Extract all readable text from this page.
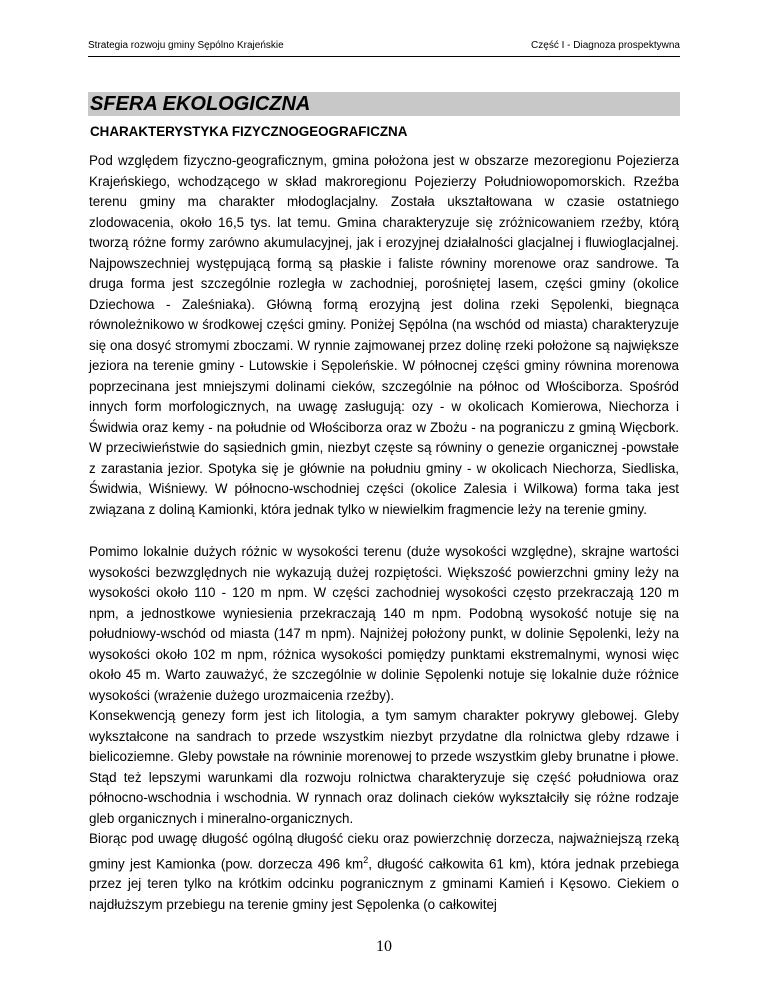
Strategia rozwoju gminy Sępólno Krajeńskie	Część I - Diagnoza prospektywna
SFERA EKOLOGICZNA
CHARAKTERYSTYKA FIZYCZNOGEOGRAFICZNA

Pod względem fizyczno-geograficznym, gmina położona jest w obszarze mezoregionu Pojezierza Krajeńskiego, wchodzącego w skład makroregionu Pojezierzy Południowopomorskich. Rzeźba terenu gminy ma charakter młodoglacjalny. Została ukształtowana w czasie ostatniego zlodowacenia, około 16,5 tys. lat temu. Gmina charakteryzuje się zróżnicowaniem rzeźby, którą tworzą różne formy zarówno akumulacyjnej, jak i erozyjnej działalności glacjalnej i fluwioglacjalnej. Najpowszechniej występującą formą są płaskie i faliste równiny morenowe oraz sandrowe. Ta druga forma jest szczególnie rozległa w zachodniej, porośniętej lasem, części gminy (okolice Dziechowa - Zaleśniaka). Główną formą erozyjną jest dolina rzeki Sępolenki, biegnąca równoleżnikowo w środkowej części gminy. Poniżej Sępólna (na wschód od miasta) charakteryzuje się ona dosyć stromymi zboczami. W rynnie zajmowanej przez dolinę rzeki położone są największe jeziora na terenie gminy - Lutowskie i Sępoleńskie. W północnej części gminy równina morenowa poprzecinana jest mniejszymi dolinami cieków, szczególnie na północ od Włościborza. Spośród innych form morfologicznych, na uwagę zasługują: ozy - w okolicach Komierowa, Niechorza i Świdwia oraz kemy - na południe od Włościborza oraz w Zbożu - na pograniczu z gminą Więcbork. W przeciwieństwie do sąsiednich gmin, niezbyt częste są równiny o genezie organicznej -powstałe z zarastania jezior. Spotyka się je głównie na południu gminy - w okolicach Niechorza, Siedliska, Świdwia, Wiśniewy. W północno-wschodniej części (okolice Zalesia i Wilkowa) forma taka jest związana z doliną Kamionki, która jednak tylko w niewielkim fragmencie leży na terenie gminy.

Pomimo lokalnie dużych różnic w wysokości terenu (duże wysokości względne), skrajne wartości wysokości bezwzględnych nie wykazują dużej rozpiętości. Większość powierzchni gminy leży na wysokości około 110 - 120 m npm. W części zachodniej wysokości często przekraczają 120 m npm, a jednostkowe wyniesienia przekraczają 140 m npm. Podobną wysokość notuje się na południowy-wschód od miasta (147 m npm). Najniżej położony punkt, w dolinie Sępolenki, leży na wysokości około 102 m npm, różnica wysokości pomiędzy punktami ekstremalnymi, wynosi więc około 45 m. Warto zauważyć, że szczególnie w dolinie Sępolenki notuje się lokalnie duże różnice wysokości (wrażenie dużego urozmaicenia rzeźby).

Konsekwencją genezy form jest ich litologia, a tym samym charakter pokrywy glebowej. Gleby wykształcone na sandrach to przede wszystkim niezbyt przydatne dla rolnictwa gleby rdzawe i bielicoziemne. Gleby powstałe na równinie morenowej to przede wszystkim gleby brunatne i płowe. Stąd też lepszymi warunkami dla rozwoju rolnictwa charakteryzuje się część południowa oraz północno-wschodnia i wschodnia. W rynnach oraz dolinach cieków wykształciły się różne rodzaje gleb organicznych i mineralno-organicznych.

Biorąc pod uwagę długość ogólną długość cieku oraz powierzchnię dorzecza, najważniejszą rzeką gminy jest Kamionka (pow. dorzecza 496 $km^2$, długość całkowita 61 km), która jednak przebiega przez jej teren tylko na krótkim odcinku pogranicznym z gminami Kamień i Kęsowo. Ciekiem o najdłuższym przebiegu na terenie gminy jest Sępolenka (o całkowitej

10
